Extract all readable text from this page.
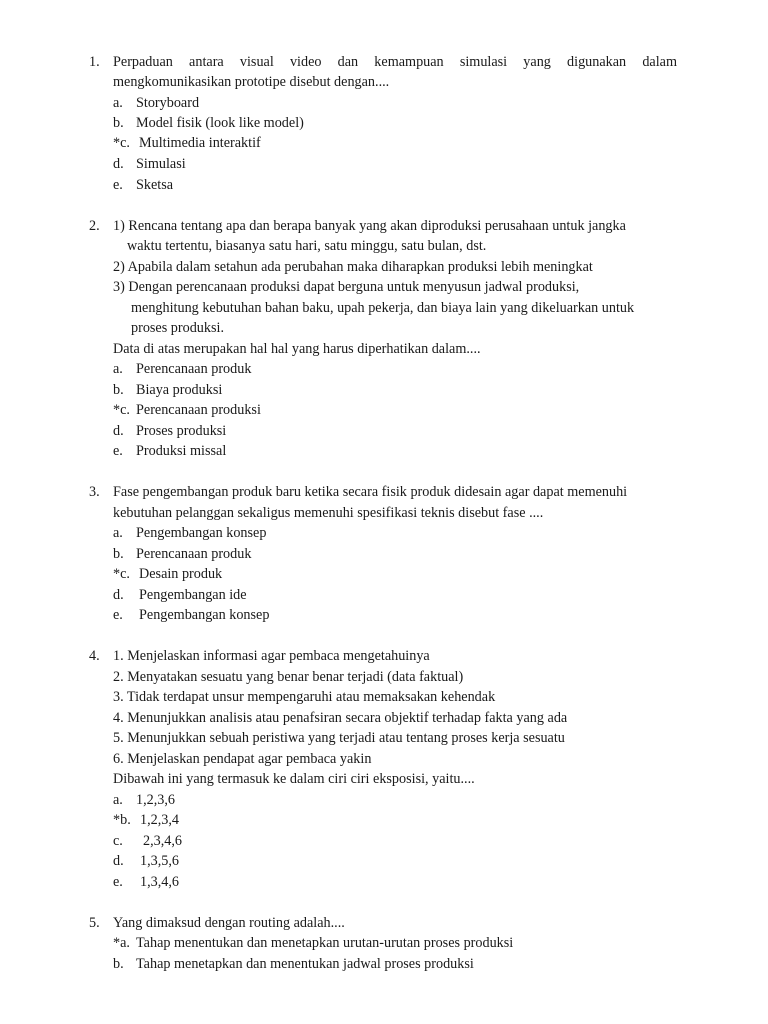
1. Perpaduan antara visual video dan kemampuan simulasi yang digunakan dalam
mengkomunikasikan prototipe disebut dengan....
a. Storyboard
b. Model fisik (look like model)
*c. Multimedia interaktif
d. Simulasi
e. Sketsa
2. 1) Rencana tentang apa dan berapa banyak yang akan diproduksi perusahaan untuk jangka
waktu tertentu, biasanya satu hari, satu minggu, satu bulan, dst.
2) Apabila dalam setahun ada perubahan maka diharapkan produksi lebih meningkat
3) Dengan perencanaan produksi dapat berguna untuk menyusun jadwal produksi,
menghitung kebutuhan bahan baku, upah pekerja, dan biaya lain yang dikeluarkan untuk
proses produksi.
Data di atas merupakan hal hal yang harus diperhatikan dalam....
a. Perencanaan produk
b. Biaya produksi
*c. Perencanaan produksi
d. Proses produksi
e. Produksi missal
3. Fase pengembangan produk baru ketika secara fisik produk didesain agar dapat memenuhi
kebutuhan pelanggan sekaligus memenuhi spesifikasi teknis disebut fase ....
a. Pengembangan konsep
b. Perencanaan produk
*c. Desain produk
d. Pengembangan ide
e. Pengembangan konsep
4. 1. Menjelaskan informasi agar pembaca mengetahuinya
2. Menyatakan sesuatu yang benar benar terjadi (data faktual)
3. Tidak terdapat unsur mempengaruhi atau memaksakan kehendak
4. Menunjukkan analisis atau penafsiran secara objektif terhadap fakta yang ada
5. Menunjukkan sebuah peristiwa yang terjadi atau tentang proses kerja sesuatu
6. Menjelaskan pendapat agar pembaca yakin
Dibawah ini yang termasuk ke dalam ciri ciri eksposisi, yaitu....
a. 1,2,3,6
*b. 1,2,3,4
c. 2,3,4,6
d. 1,3,5,6
e. 1,3,4,6
5. Yang dimaksud dengan routing adalah....
*a. Tahap menentukan dan menetapkan urutan-urutan proses produksi
b. Tahap menetapkan dan menentukan jadwal proses produksi
